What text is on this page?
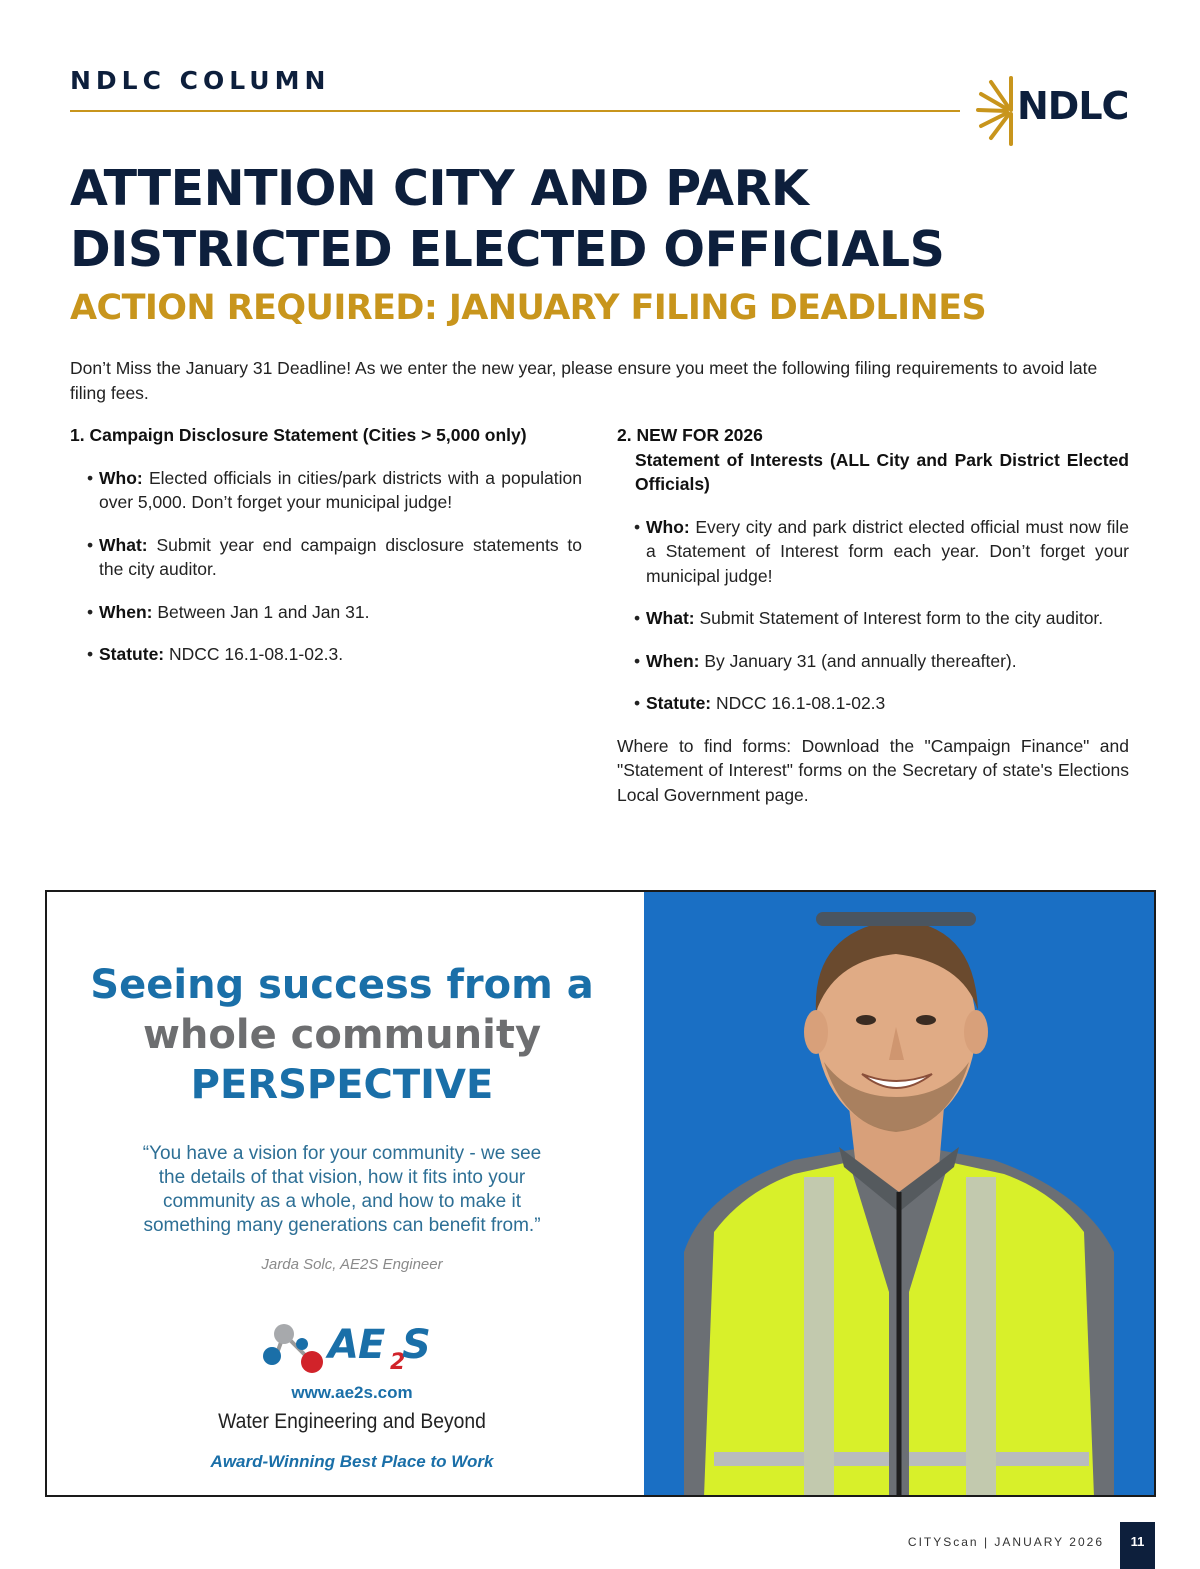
NDLC COLUMN
NDLC
ATTENTION CITY AND PARK
DISTRICTED ELECTED OFFICIALS
ACTION REQUIRED: JANUARY FILING DEADLINES

Don’t Miss the January 31 Deadline! As we enter the new year, please ensure you meet the following filing requirements to avoid late filing fees.

1. Campaign Disclosure Statement (Cities > 5,000 only)
• Who: Elected officials in cities/park districts with a population over 5,000. Don’t forget your municipal judge!
• What: Submit year end campaign disclosure statements to the city auditor.
• When: Between Jan 1 and Jan 31.
• Statute: NDCC 16.1-08.1-02.3.
2. NEW FOR 2026
Statement of Interests (ALL City and Park District Elected Officials)
• Who: Every city and park district elected official must now file a Statement of Interest form each year. Don’t forget your municipal judge!
• What: Submit Statement of Interest form to the city auditor.
• When: By January 31 (and annually thereafter).
• Statute: NDCC 16.1-08.1-02.3

Where to find forms: Download the "Campaign Finance" and "Statement of Interest" forms on the Secretary of state's Elections Local Government page.

Seeing success from a
whole community
PERSPECTIVE

“You have a vision for your community - we see the details of that vision, how it fits into your community as a whole, and how to make it something many generations can benefit from.”

Jarda Solc, AE2S Engineer
AE 2
S
www.ae2s.com
Water Engineering and Beyond
Award-Winning Best Place to Work
CITYScan | JANUARY 2026	11
